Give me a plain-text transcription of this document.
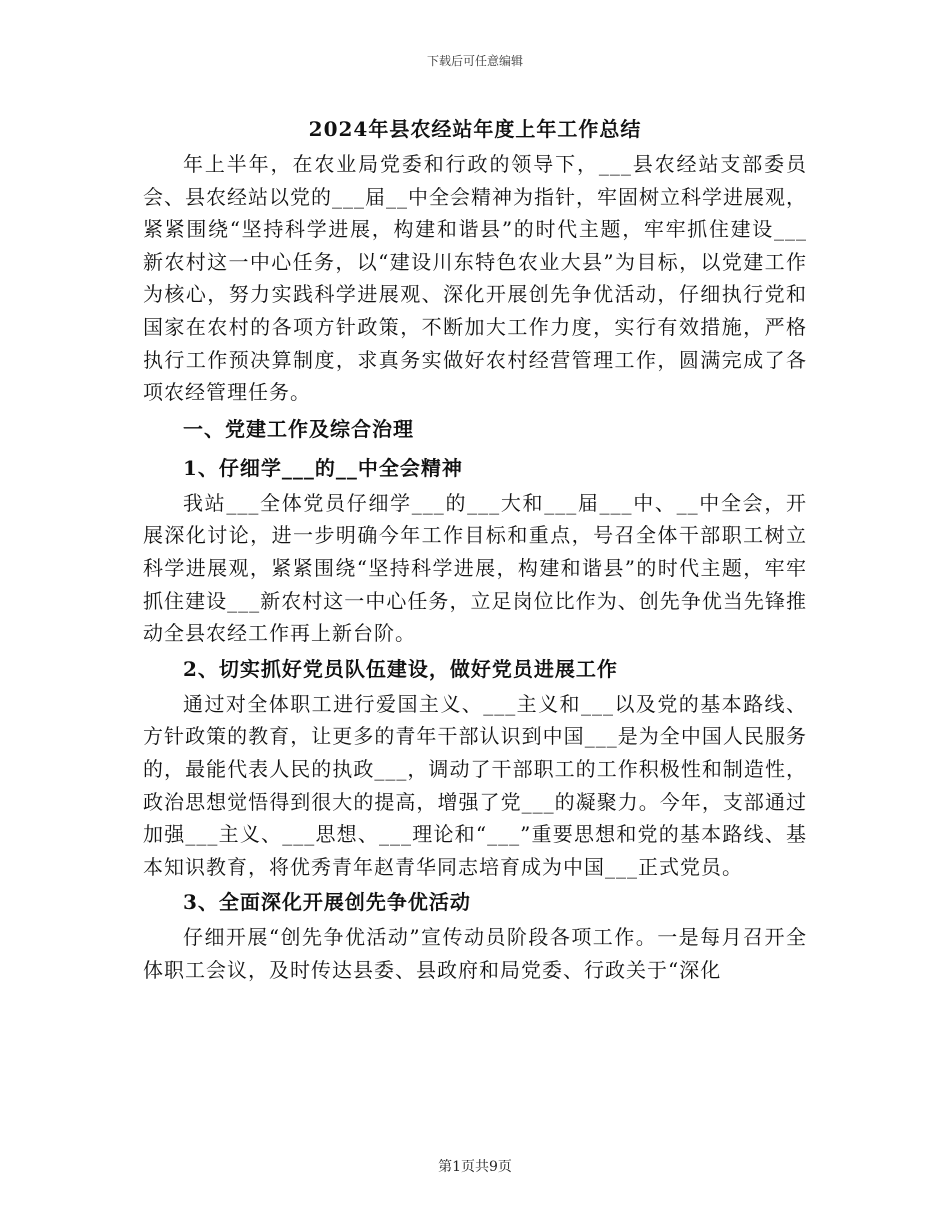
下载后可任意编辑
2024年县农经站年度上年工作总结

年上半年，在农业局党委和行政的领导下，___县农经站支部委员会、县农经站以党的___届__中全会精神为指针，牢固树立科学进展观，紧紧围绕“坚持科学进展，构建和谐县”的时代主题，牢牢抓住建设___新农村这一中心任务，以“建设川东特色农业大县”为目标，以党建工作为核心，努力实践科学进展观、深化开展创先争优活动，仔细执行党和国家在农村的各项方针政策，不断加大工作力度，实行有效措施，严格执行工作预决算制度，求真务实做好农村经营管理工作，圆满完成了各项农经管理任务。

一、党建工作及综合治理
1、仔细学___的__中全会精神

我站___全体党员仔细学___的___大和___届___中、__中全会，开展深化讨论，进一步明确今年工作目标和重点，号召全体干部职工树立科学进展观，紧紧围绕“坚持科学进展，构建和谐县”的时代主题，牢牢抓住建设___新农村这一中心任务，立足岗位比作为、创先争优当先锋推动全县农经工作再上新台阶。

2、切实抓好党员队伍建设，做好党员进展工作

通过对全体职工进行爱国主义、___主义和___以及党的基本路线、方针政策的教育，让更多的青年干部认识到中国___是为全中国人民服务的，最能代表人民的执政___，调动了干部职工的工作积极性和制造性，政治思想觉悟得到很大的提高，增强了党___的凝聚力。今年，支部通过加强___主义、___思想、___理论和“___”重要思想和党的基本路线、基本知识教育，将优秀青年赵青华同志培育成为中国___正式党员。

3、全面深化开展创先争优活动

仔细开展“创先争优活动”宣传动员阶段各项工作。一是每月召开全体职工会议，及时传达县委、县政府和局党委、行政关于“深化

第1页共9页
